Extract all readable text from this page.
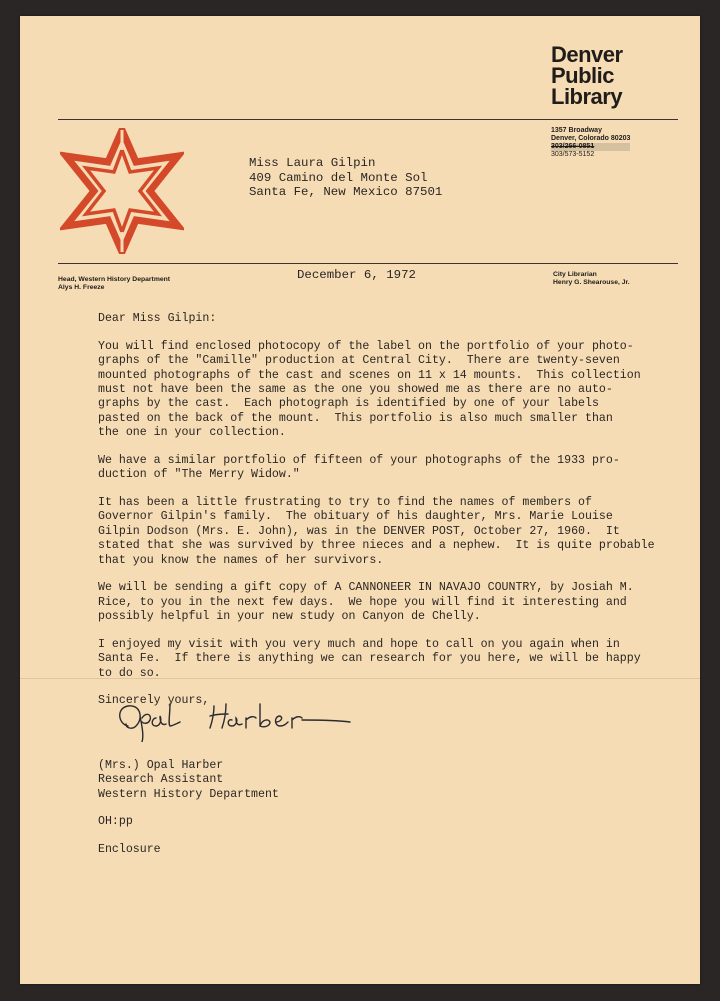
Denver
Public
Library
1357 Broadway
Denver, Colorado 80203
303/266-0851
303/573-5152
Miss Laura Gilpin
409 Camino del Monte Sol
Santa Fe, New Mexico 87501
Head, Western History Department
Alys H. Freeze
December 6, 1972	City Librarian
Henry G. Shearouse, Jr.

Dear Miss Gilpin:

You will find enclosed photocopy of the label on the portfolio of your photo-
graphs of the "Camille" production at Central City.  There are twenty-seven
mounted photographs of the cast and scenes on 11 x 14 mounts.  This collection
must not have been the same as the one you showed me as there are no auto-
graphs by the cast.  Each photograph is identified by one of your labels
pasted on the back of the mount.  This portfolio is also much smaller than
the one in your collection.

We have a similar portfolio of fifteen of your photographs of the 1933 pro-
duction of "The Merry Widow."

It has been a little frustrating to try to find the names of members of
Governor Gilpin's family.  The obituary of his daughter, Mrs. Marie Louise
Gilpin Dodson (Mrs. E. John), was in the DENVER POST, October 27, 1960.  It
stated that she was survived by three nieces and a nephew.  It is quite probable
that you know the names of her survivors.

We will be sending a gift copy of A CANNONEER IN NAVAJO COUNTRY, by Josiah M.
Rice, to you in the next few days.  We hope you will find it interesting and
possibly helpful in your new study on Canyon de Chelly.

I enjoyed my visit with you very much and hope to call on you again when in
Santa Fe.  If there is anything we can research for you here, we will be happy
to do so.

Sincerely yours,

(Mrs.) Opal Harber
Research Assistant
Western History Department

OH:pp

Enclosure
